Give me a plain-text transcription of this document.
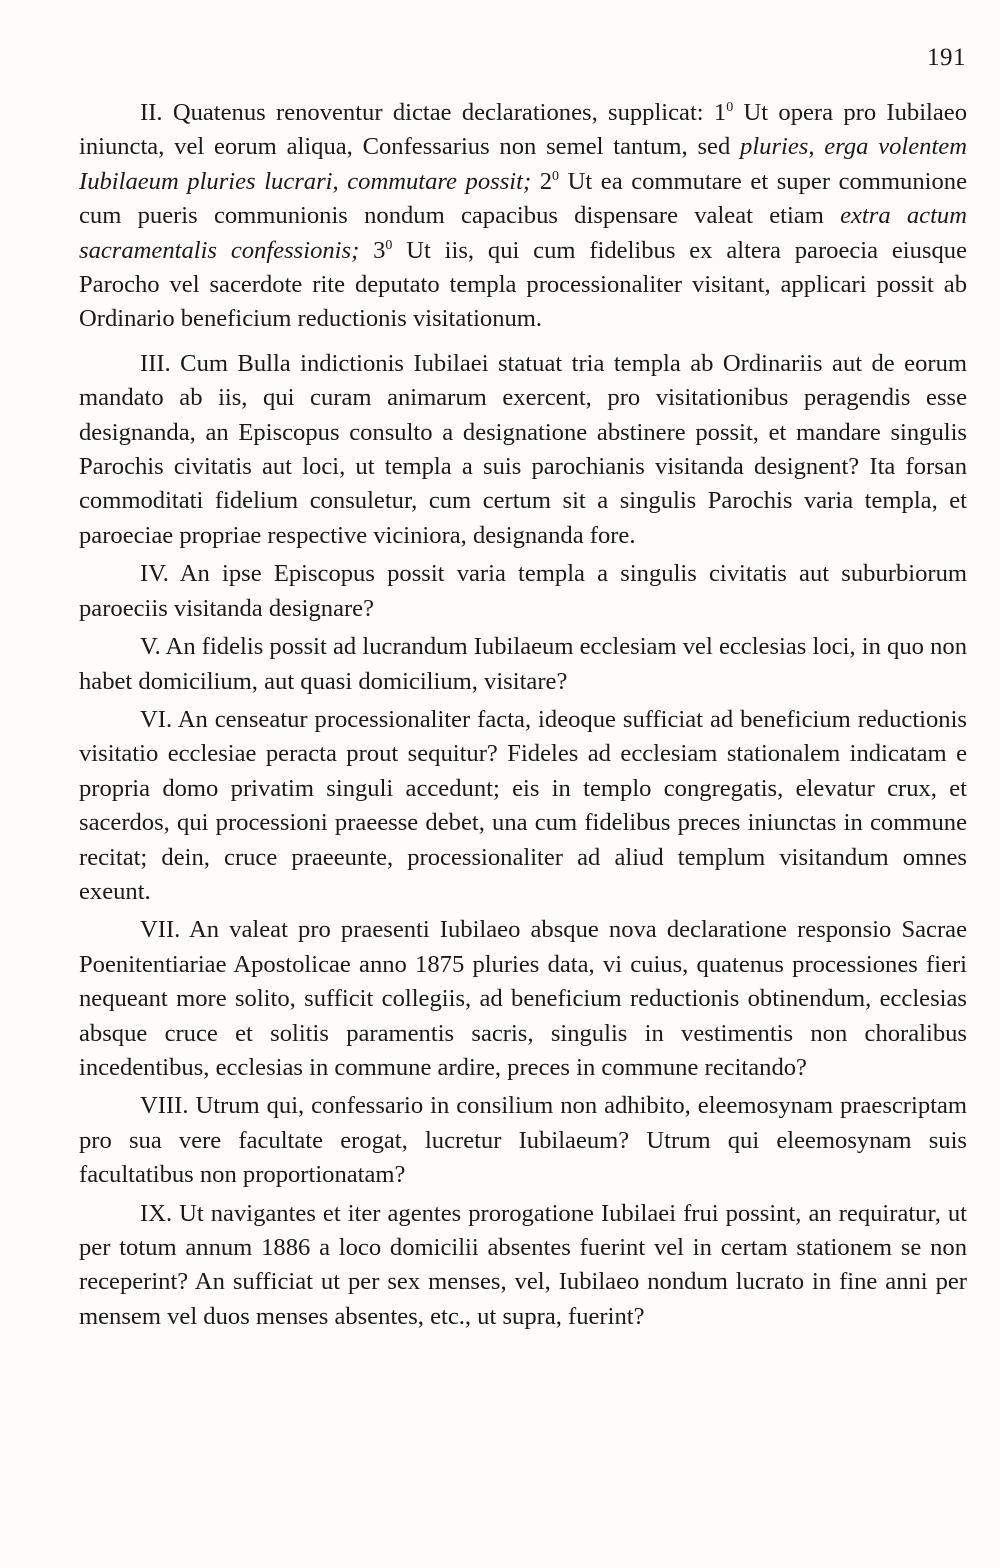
191

II. Quatenus renoventur dictae declarationes, supplicat: $1^0$ Ut opera pro Iubilaeo iniuncta, vel eorum aliqua, Confessarius non semel tantum, sed pluries, erga volentem Iubilaeum pluries lucrari, commutare possit; $2^0$ Ut ea commutare et super communione cum pueris communionis nondum capacibus dispensare valeat etiam extra actum sacramentalis confessionis; $3^0$ Ut iis, qui cum fidelibus ex altera paroecia eiusque Parocho vel sacerdote rite deputato templa processionaliter visitant, applicari possit ab Ordinario beneficium reductionis visitationum.

III. Cum Bulla indictionis Iubilaei statuat tria templa ab Ordinariis aut de eorum mandato ab iis, qui curam animarum exercent, pro visitationibus peragendis esse designanda, an Episcopus consulto a designatione abstinere possit, et mandare singulis Parochis civitatis aut loci, ut templa a suis parochianis visitanda designent? Ita forsan commoditati fidelium consuletur, cum certum sit a singulis Parochis varia templa, et paroeciae propriae respective viciniora, designanda fore.

IV. An ipse Episcopus possit varia templa a singulis civitatis aut suburbiorum paroeciis visitanda designare?

V. An fidelis possit ad lucrandum Iubilaeum ecclesiam vel ecclesias loci, in quo non habet domicilium, aut quasi domicilium, visitare?

VI. An censeatur processionaliter facta, ideoque sufficiat ad beneficium reductionis visitatio ecclesiae peracta prout sequitur? Fideles ad ecclesiam stationalem indicatam e propria domo privatim singuli accedunt; eis in templo congregatis, elevatur crux, et sacerdos, qui processioni praeesse debet, una cum fidelibus preces iniunctas in commune recitat; dein, cruce praeeunte, processionaliter ad aliud templum visitandum omnes exeunt.

VII. An valeat pro praesenti Iubilaeo absque nova declaratione responsio Sacrae Poenitentiariae Apostolicae anno 1875 pluries data, vi cuius, quatenus processiones fieri nequeant more solito, sufficit collegiis, ad beneficium reductionis obtinendum, ecclesias absque cruce et solitis paramentis sacris, singulis in vestimentis non choralibus incedentibus, ecclesias in commune ardire, preces in commune recitando?

VIII. Utrum qui, confessario in consilium non adhibito, eleemosynam praescriptam pro sua vere facultate erogat, lucretur Iubilaeum? Utrum qui eleemosynam suis facultatibus non proportionatam?

IX. Ut navigantes et iter agentes prorogatione Iubilaei frui possint, an requiratur, ut per totum annum 1886 a loco domicilii absentes fuerint vel in certam stationem se non receperint? An sufficiat ut per sex menses, vel, Iubilaeo nondum lucrato in fine anni per mensem vel duos menses absentes, etc., ut supra, fuerint?
